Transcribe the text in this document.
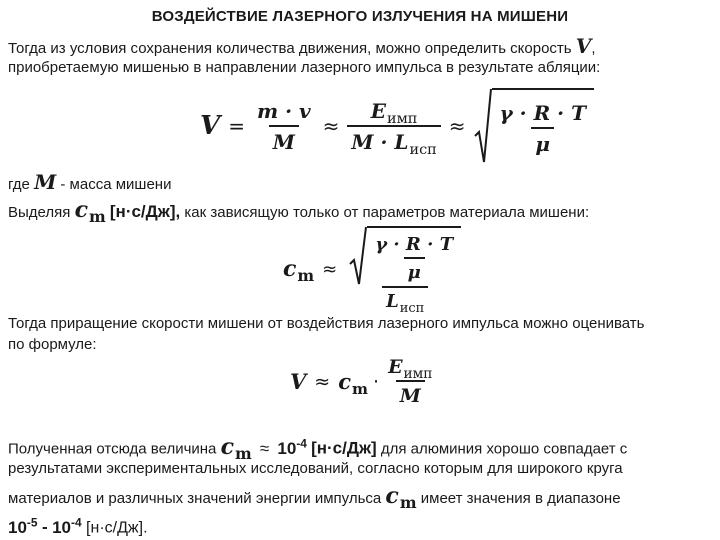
ВОЗДЕЙСТВИЕ ЛАЗЕРНОГО ИЗЛУЧЕНИЯ НА МИШЕНИ
Тогда из условия сохранения количества движения, можно определить скорость V,
приобретаемую мишенью в направлении лазерного импульса в результате абляции:
$V = \frac{m \cdot v}{M} \approx \frac{E_{имп}}{M \cdot L_{исп}} \approx \frac{\gamma \cdot R \cdot T}{\mu}$
где M - масса мишени
Выделяя $c_m$ [н·с/Дж], как зависящую только от параметров материала мишени:
$c_m \approx \frac{\frac{\gamma \cdot R \cdot T}{\mu}}{L_{исп}}$
Тогда приращение скорости мишени от воздействия лазерного импульса можно оценивать
по формуле:
$V \approx c_m \cdot \frac{E_{имп}}{M}$
Полученная отсюда величина $c_m \approx 10^{-4}$ [н·с/Дж] для алюминия хорошо совпадает с
результатами экспериментальных исследований, согласно которым для широкого круга
материалов и различных значений энергии импульса $c_m$ имеет значения в диапазоне
$10^{-5} - 10^{-4}$ [н·с/Дж].
